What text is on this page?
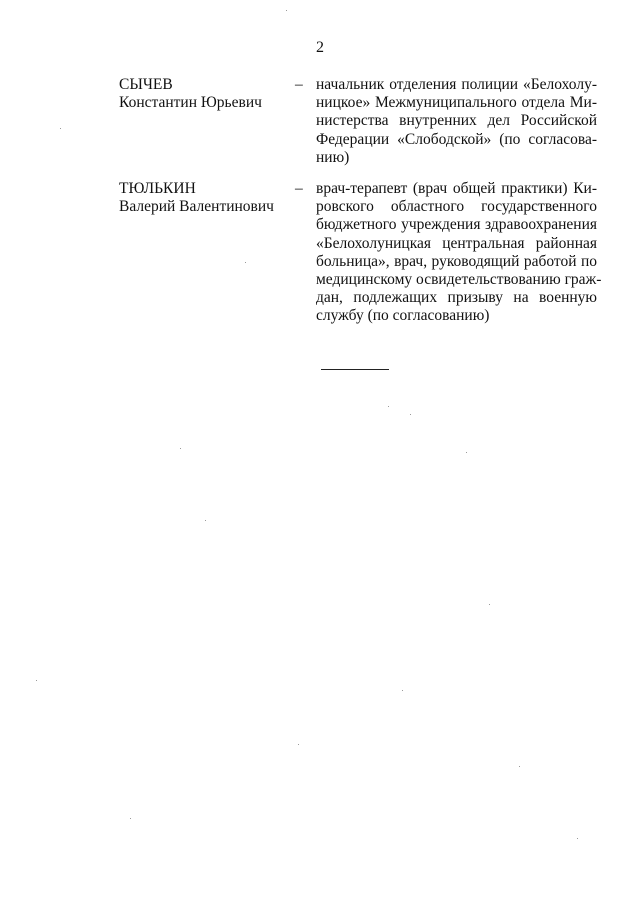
2
СЫЧЕВ
Константин Юрьевич
– начальник отделения полиции «Белохолу-
ницкое» Межмуниципального отдела Ми-
нистерства внутренних дел Российской
Федерации «Слободской» (по согласова-
нию)
ТЮЛЬКИН
Валерий Валентинович
– врач-терапевт (врач общей практики) Ки-
ровского областного государственного
бюджетного учреждения здравоохранения
«Белохолуницкая центральная районная
больница», врач, руководящий работой по
медицинскому освидетельствованию граж-
дан, подлежащих призыву на военную
службу (по согласованию)
